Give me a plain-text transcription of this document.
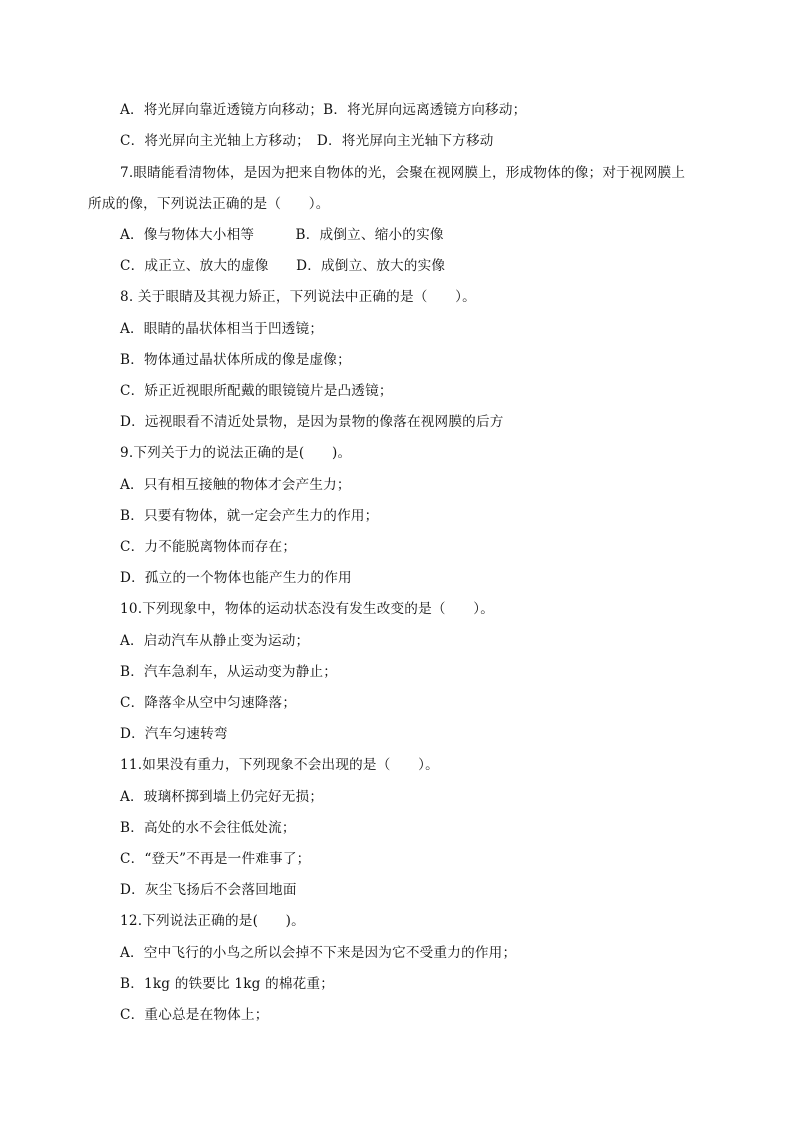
A．将光屏向靠近透镜方向移动；B．将光屏向远离透镜方向移动；
C．将光屏向主光轴上方移动；　D．将光屏向主光轴下方移动
7.眼睛能看清物体，是因为把来自物体的光，会聚在视网膜上，形成物体的像；对于视网膜上
所成的像，下列说法正确的是（　　）。
A．像与物体大小相等　　　B．成倒立、缩小的实像
C．成正立、放大的虚像　　D．成倒立、放大的实像
8. 关于眼睛及其视力矫正，下列说法中正确的是（　　）。
A．眼睛的晶状体相当于凹透镜；
B．物体通过晶状体所成的像是虚像；
C．矫正近视眼所配戴的眼镜镜片是凸透镜；
D．远视眼看不清近处景物，是因为景物的像落在视网膜的后方
9.下列关于力的说法正确的是(　　)。
A．只有相互接触的物体才会产生力；
B．只要有物体，就一定会产生力的作用；
C．力不能脱离物体而存在；
D．孤立的一个物体也能产生力的作用
10.下列现象中，物体的运动状态没有发生改变的是（　　）。
A．启动汽车从静止变为运动；
B．汽车急刹车，从运动变为静止；
C．降落伞从空中匀速降落；
D．汽车匀速转弯
11.如果没有重力，下列现象不会出现的是（　　）。
A．玻璃杯掷到墙上仍完好无损；
B．高处的水不会往低处流；
C．“登天”不再是一件难事了；
D．灰尘飞扬后不会落回地面
12.下列说法正确的是(　　)。
A．空中飞行的小鸟之所以会掉不下来是因为它不受重力的作用；
B．1kg 的铁要比 1kg 的棉花重；
C．重心总是在物体上；
